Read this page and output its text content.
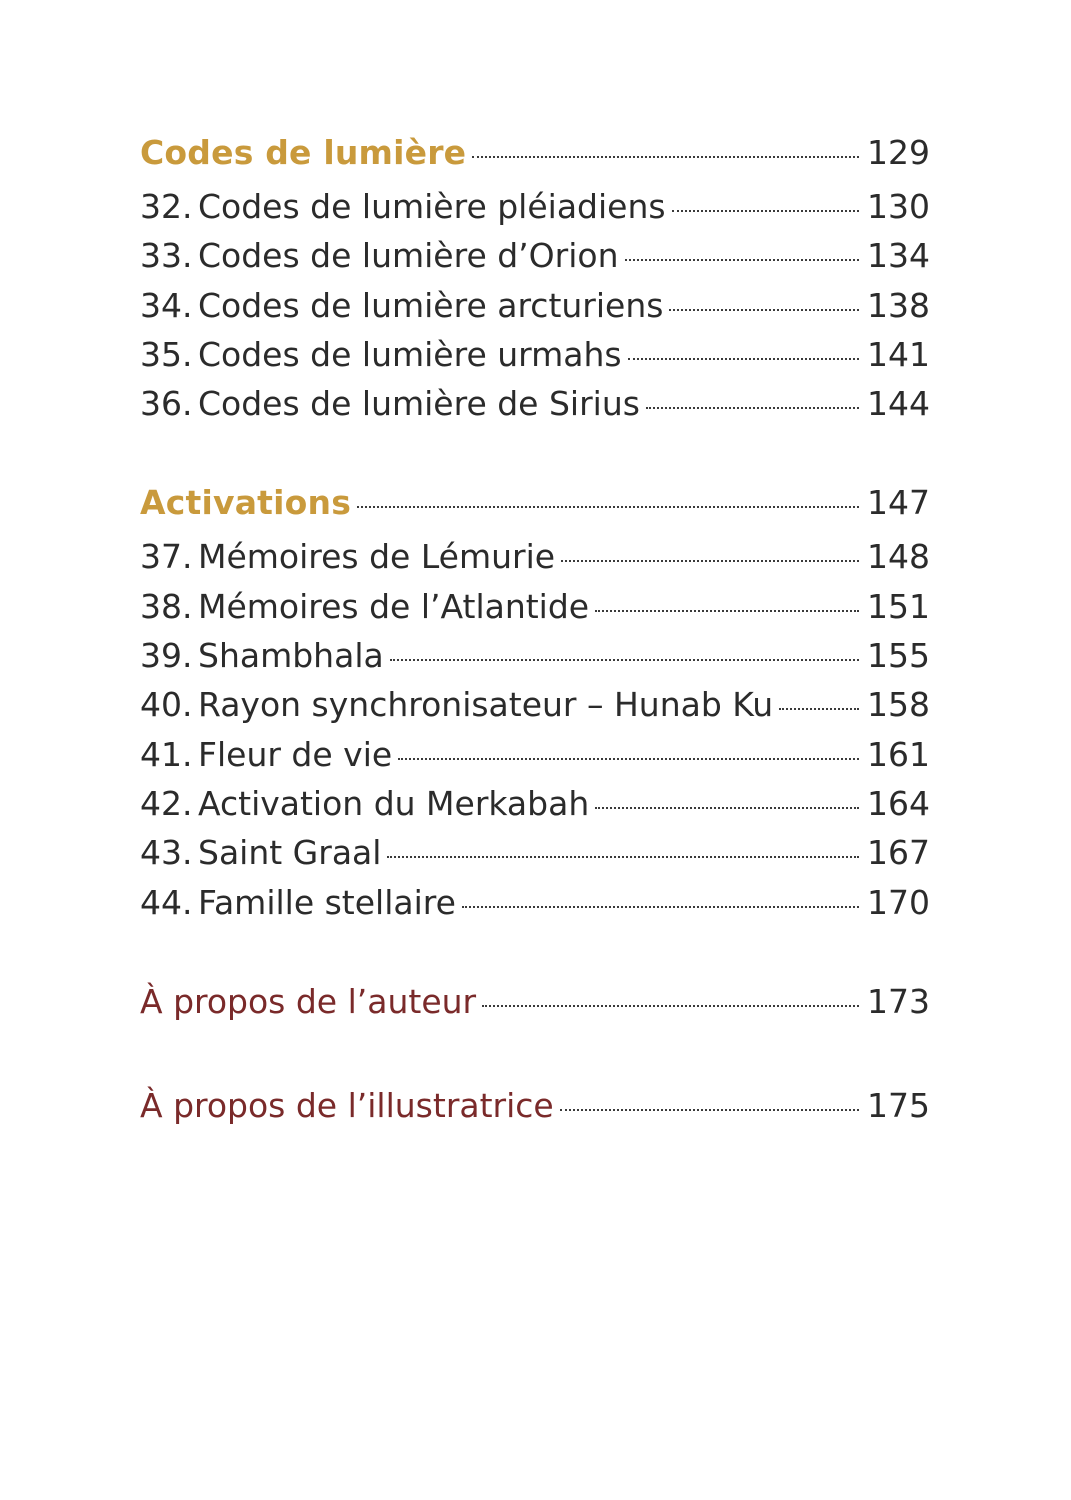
Codes de lumière	129
32. Codes de lumière pléiadiens	130
33. Codes de lumière d’Orion	134
34. Codes de lumière arcturiens	138
35. Codes de lumière urmahs	141
36. Codes de lumière de Sirius	144
Activations	147
37. Mémoires de Lémurie	148
38. Mémoires de l’Atlantide	151
39. Shambhala	155
40. Rayon synchronisateur – Hunab Ku	158
41. Fleur de vie	161
42. Activation du Merkabah	164
43. Saint Graal	167
44. Famille stellaire	170
À propos de l’auteur	173
À propos de l’illustratrice	175
